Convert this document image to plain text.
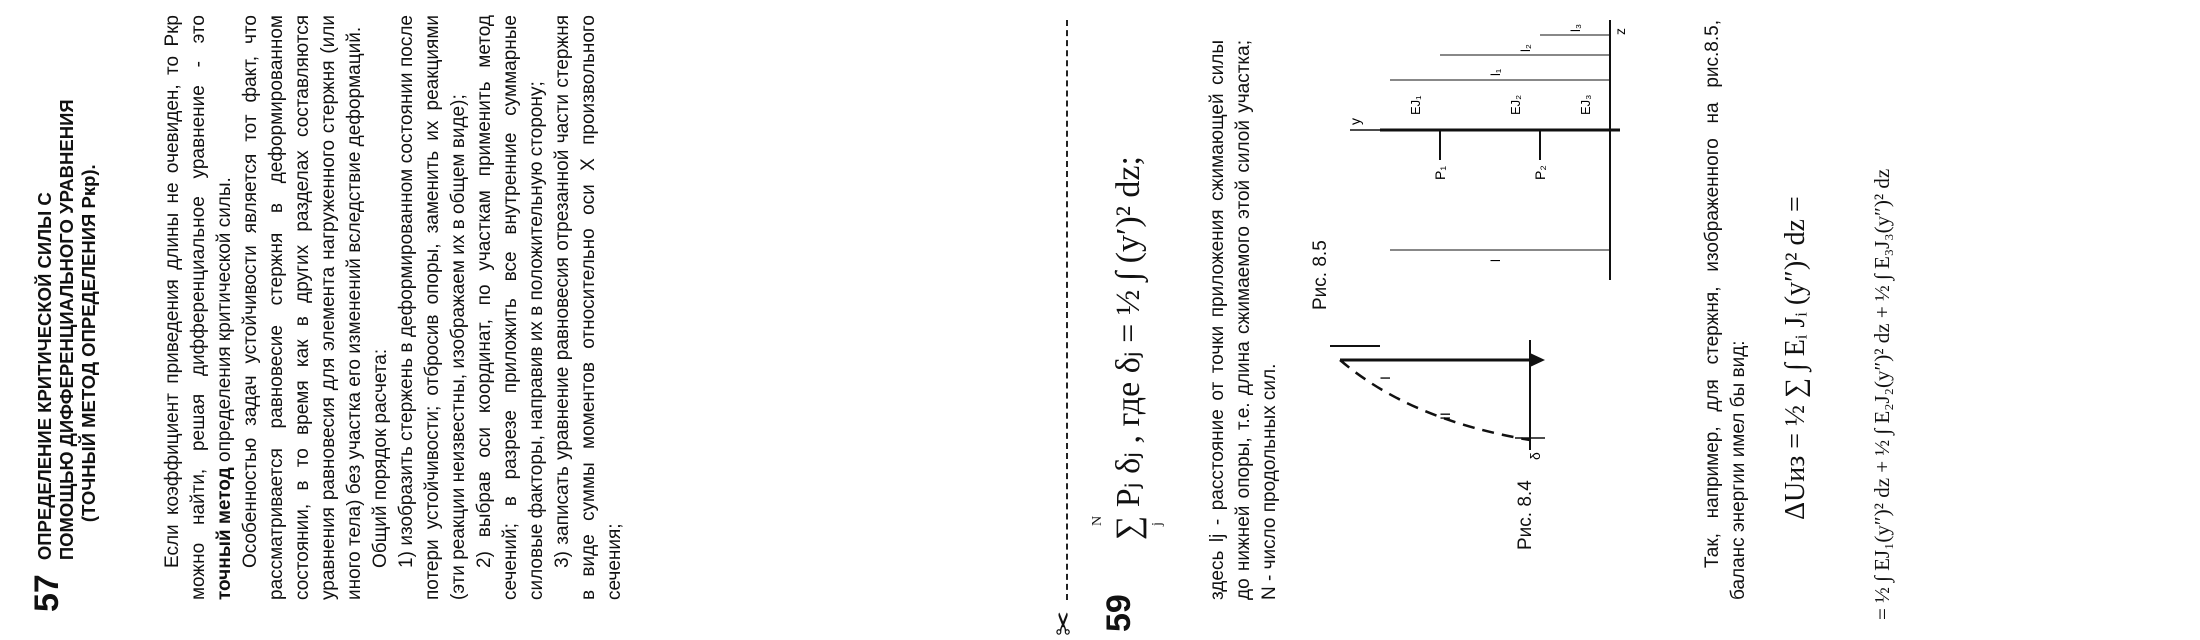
57
ОПРЕДЕЛЕНИЕ КРИТИЧЕСКОЙ СИЛЫ С ПОМОЩЬЮ ДИФФЕРЕНЦИАЛЬНОГО УРАВНЕНИЯ (ТОЧНЫЙ МЕТОД ОПРЕДЕЛЕНИЯ Pкр).	Если коэффициент приведения длины не очевиден, то Pкр можно найти, решая дифференциальное уравнение - это точный метод определения критической силы. Особенностью задач устойчивости является тот факт, что рассматривается равновесие стержня в деформированном состоянии, в то время как в других разделах составляются уравнения равновесия для элемента нагруженного стержня (или иного тела) без участка его изменений вследствие деформаций. Общий порядок расчета: 1) изобразить стержень в деформированном состоянии после потери устойчивости; отбросив опоры, заменить их реакциями (эти реакции неизвестны, изображаем их в общем виде); 2) выбрав оси координат, по участкам применить метод сечений; в разрезе приложить все внутренние суммарные силовые факторы, направив их в положительную сторону; 3) записать уравнение равновесия отрезанной части стержня в виде суммы моментов относительно оси X произвольного сечения;

✂ 59
N	j
∑ Pⱼ δⱼ , где δⱼ = ½ ∫ (y′)² dz;	здесь lj - расстояние от точки приложения сжимающей силы до нижней опоры, т.е. длина сжимаемого этой силой участка; N - число продольных сил.	δ
I
II
Рис. 8.4
Рис. 8.5
y
z
P₁	P₂
EJ₁	EJ₂	EJ₃
l
l₁
l₂
l₃	Так, например, для стержня, изображенного на рис.8.5, баланс энергии имел бы вид: ΔUиз = ½ ∑ ∫ Eᵢ Jᵢ (y″)² dz =	= ½ ∫ EJ₁(y″)² dz + ½ ∫ E₂J₂(y″)² dz + ½ ∫ E₃J₃(y″)² dz
